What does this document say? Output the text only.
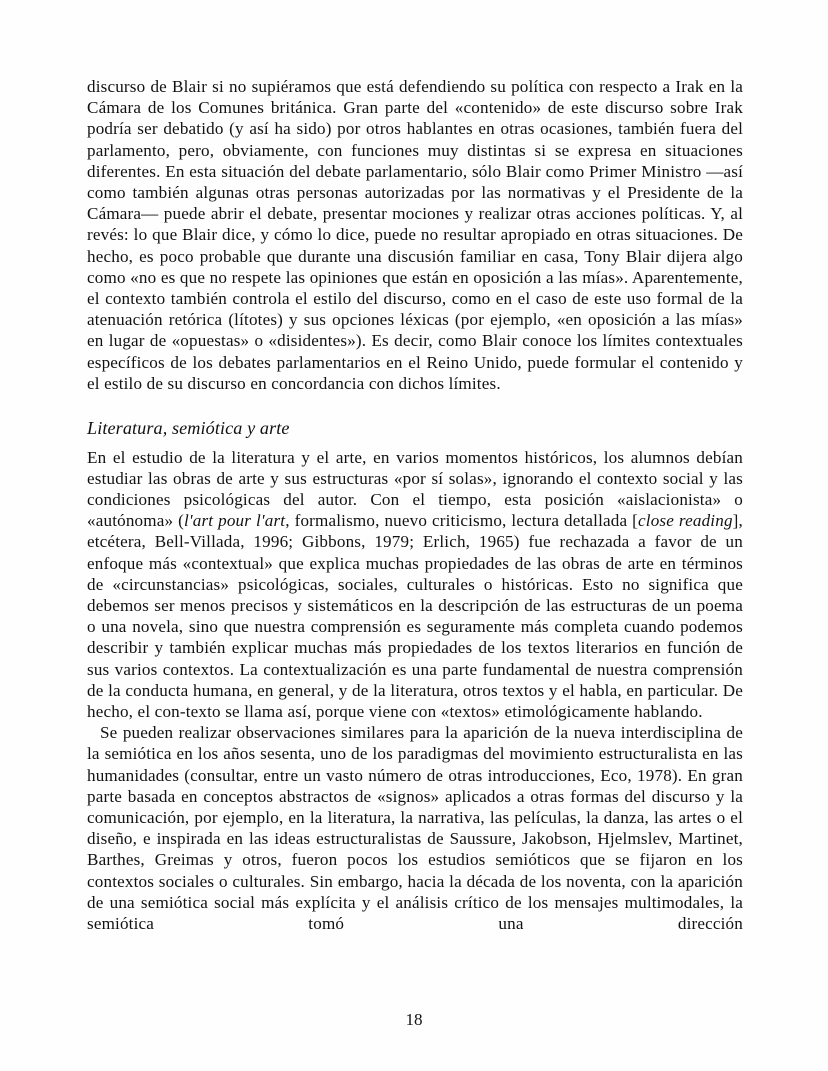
discurso de Blair si no supiéramos que está defendiendo su política con respecto a Irak en la Cámara de los Comunes británica. Gran parte del «contenido» de este discurso sobre Irak podría ser debatido (y así ha sido) por otros hablantes en otras ocasiones, también fuera del parlamento, pero, obviamente, con funciones muy distintas si se expresa en situaciones diferentes. En esta situación del debate parlamentario, sólo Blair como Primer Ministro —así como también algunas otras personas autorizadas por las normativas y el Presidente de la Cámara— puede abrir el debate, presentar mociones y realizar otras acciones políticas. Y, al revés: lo que Blair dice, y cómo lo dice, puede no resultar apropiado en otras situaciones. De hecho, es poco probable que durante una discusión familiar en casa, Tony Blair dijera algo como «no es que no respete las opiniones que están en oposición a las mías». Aparentemente, el contexto también controla el estilo del discurso, como en el caso de este uso formal de la atenuación retórica (lítotes) y sus opciones léxicas (por ejemplo, «en oposición a las mías» en lugar de «opuestas» o «disidentes»). Es decir, como Blair conoce los límites contextuales específicos de los debates parlamentarios en el Reino Unido, puede formular el contenido y el estilo de su discurso en concordancia con dichos límites.

Literatura, semiótica y arte

En el estudio de la literatura y el arte, en varios momentos históricos, los alumnos debían estudiar las obras de arte y sus estructuras «por sí solas», ignorando el contexto social y las condiciones psicológicas del autor. Con el tiempo, esta posición «aislacionista» o «autónoma» (l'art pour l'art, formalismo, nuevo criticismo, lectura detallada [close reading], etcétera, Bell-Villada, 1996; Gibbons, 1979; Erlich, 1965) fue rechazada a favor de un enfoque más «contextual» que explica muchas propiedades de las obras de arte en términos de «circunstancias» psicológicas, sociales, culturales o históricas. Esto no significa que debemos ser menos precisos y sistemáticos en la descripción de las estructuras de un poema o una novela, sino que nuestra comprensión es seguramente más completa cuando podemos describir y también explicar muchas más propiedades de los textos literarios en función de sus varios contextos. La contextualización es una parte fundamental de nuestra comprensión de la conducta humana, en general, y de la literatura, otros textos y el habla, en particular. De hecho, el con-texto se llama así, porque viene con «textos» etimológicamente hablando.

Se pueden realizar observaciones similares para la aparición de la nueva interdisciplina de la semiótica en los años sesenta, uno de los paradigmas del movimiento estructuralista en las humanidades (consultar, entre un vasto número de otras introducciones, Eco, 1978). En gran parte basada en conceptos abstractos de «signos» aplicados a otras formas del discurso y la comunicación, por ejemplo, en la literatura, la narrativa, las películas, la danza, las artes o el diseño, e inspirada en las ideas estructuralistas de Saussure, Jakobson, Hjelmslev, Martinet, Barthes, Greimas y otros, fueron pocos los estudios semióticos que se fijaron en los contextos sociales o culturales. Sin embargo, hacia la década de los noventa, con la aparición de una semiótica social más explícita y el análisis crítico de los mensajes multimodales, la semiótica tomó una dirección

18
